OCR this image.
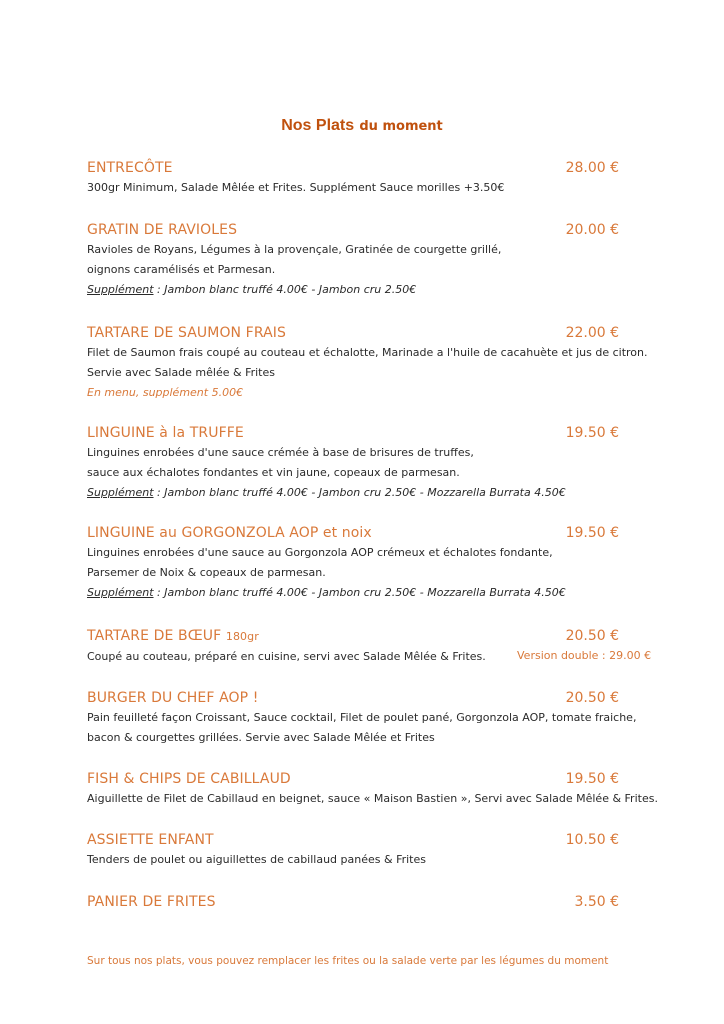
Nos Plats du moment
ENTRECÔTE	28.00 €
300gr Minimum, Salade Mêlée et Frites. Supplément Sauce morilles +3.50€
GRATIN DE RAVIOLES	20.00 €
Ravioles de Royans, Légumes à la provençale, Gratinée de courgette grillé,
oignons caramélisés et Parmesan.
Supplément : Jambon blanc truffé 4.00€ - Jambon cru 2.50€
TARTARE DE SAUMON FRAIS	22.00 €
Filet de Saumon frais coupé au couteau et échalotte, Marinade a l'huile de cacahuète et jus de citron.
Servie avec Salade mêlée & Frites
En menu, supplément 5.00€
LINGUINE à la TRUFFE	19.50 €
Linguines enrobées d'une sauce crémée à base de brisures de truffes,
sauce aux échalotes fondantes et vin jaune, copeaux de parmesan.
Supplément : Jambon blanc truffé 4.00€ - Jambon cru 2.50€ - Mozzarella Burrata 4.50€
LINGUINE au GORGONZOLA AOP et noix	19.50 €
Linguines enrobées d'une sauce au Gorgonzola AOP crémeux et échalotes fondante,
Parsemer de Noix & copeaux de parmesan.
Supplément : Jambon blanc truffé 4.00€ - Jambon cru 2.50€ - Mozzarella Burrata 4.50€
TARTARE DE BŒUF 180gr	20.50 €
Coupé au couteau, préparé en cuisine, servi avec Salade Mêlée & Frites.	Version double : 29.00 €
BURGER DU CHEF AOP !	20.50 €
Pain feuilleté façon Croissant, Sauce cocktail, Filet de poulet pané, Gorgonzola AOP, tomate fraiche,
bacon & courgettes grillées. Servie avec Salade Mêlée et Frites
FISH & CHIPS DE CABILLAUD	19.50 €
Aiguillette de Filet de Cabillaud en beignet, sauce « Maison Bastien », Servi avec Salade Mêlée & Frites.
ASSIETTE ENFANT	10.50 €
Tenders de poulet ou aiguillettes de cabillaud panées & Frites
PANIER DE FRITES	3.50 €
Sur tous nos plats, vous pouvez remplacer les frites ou la salade verte par les légumes du moment
